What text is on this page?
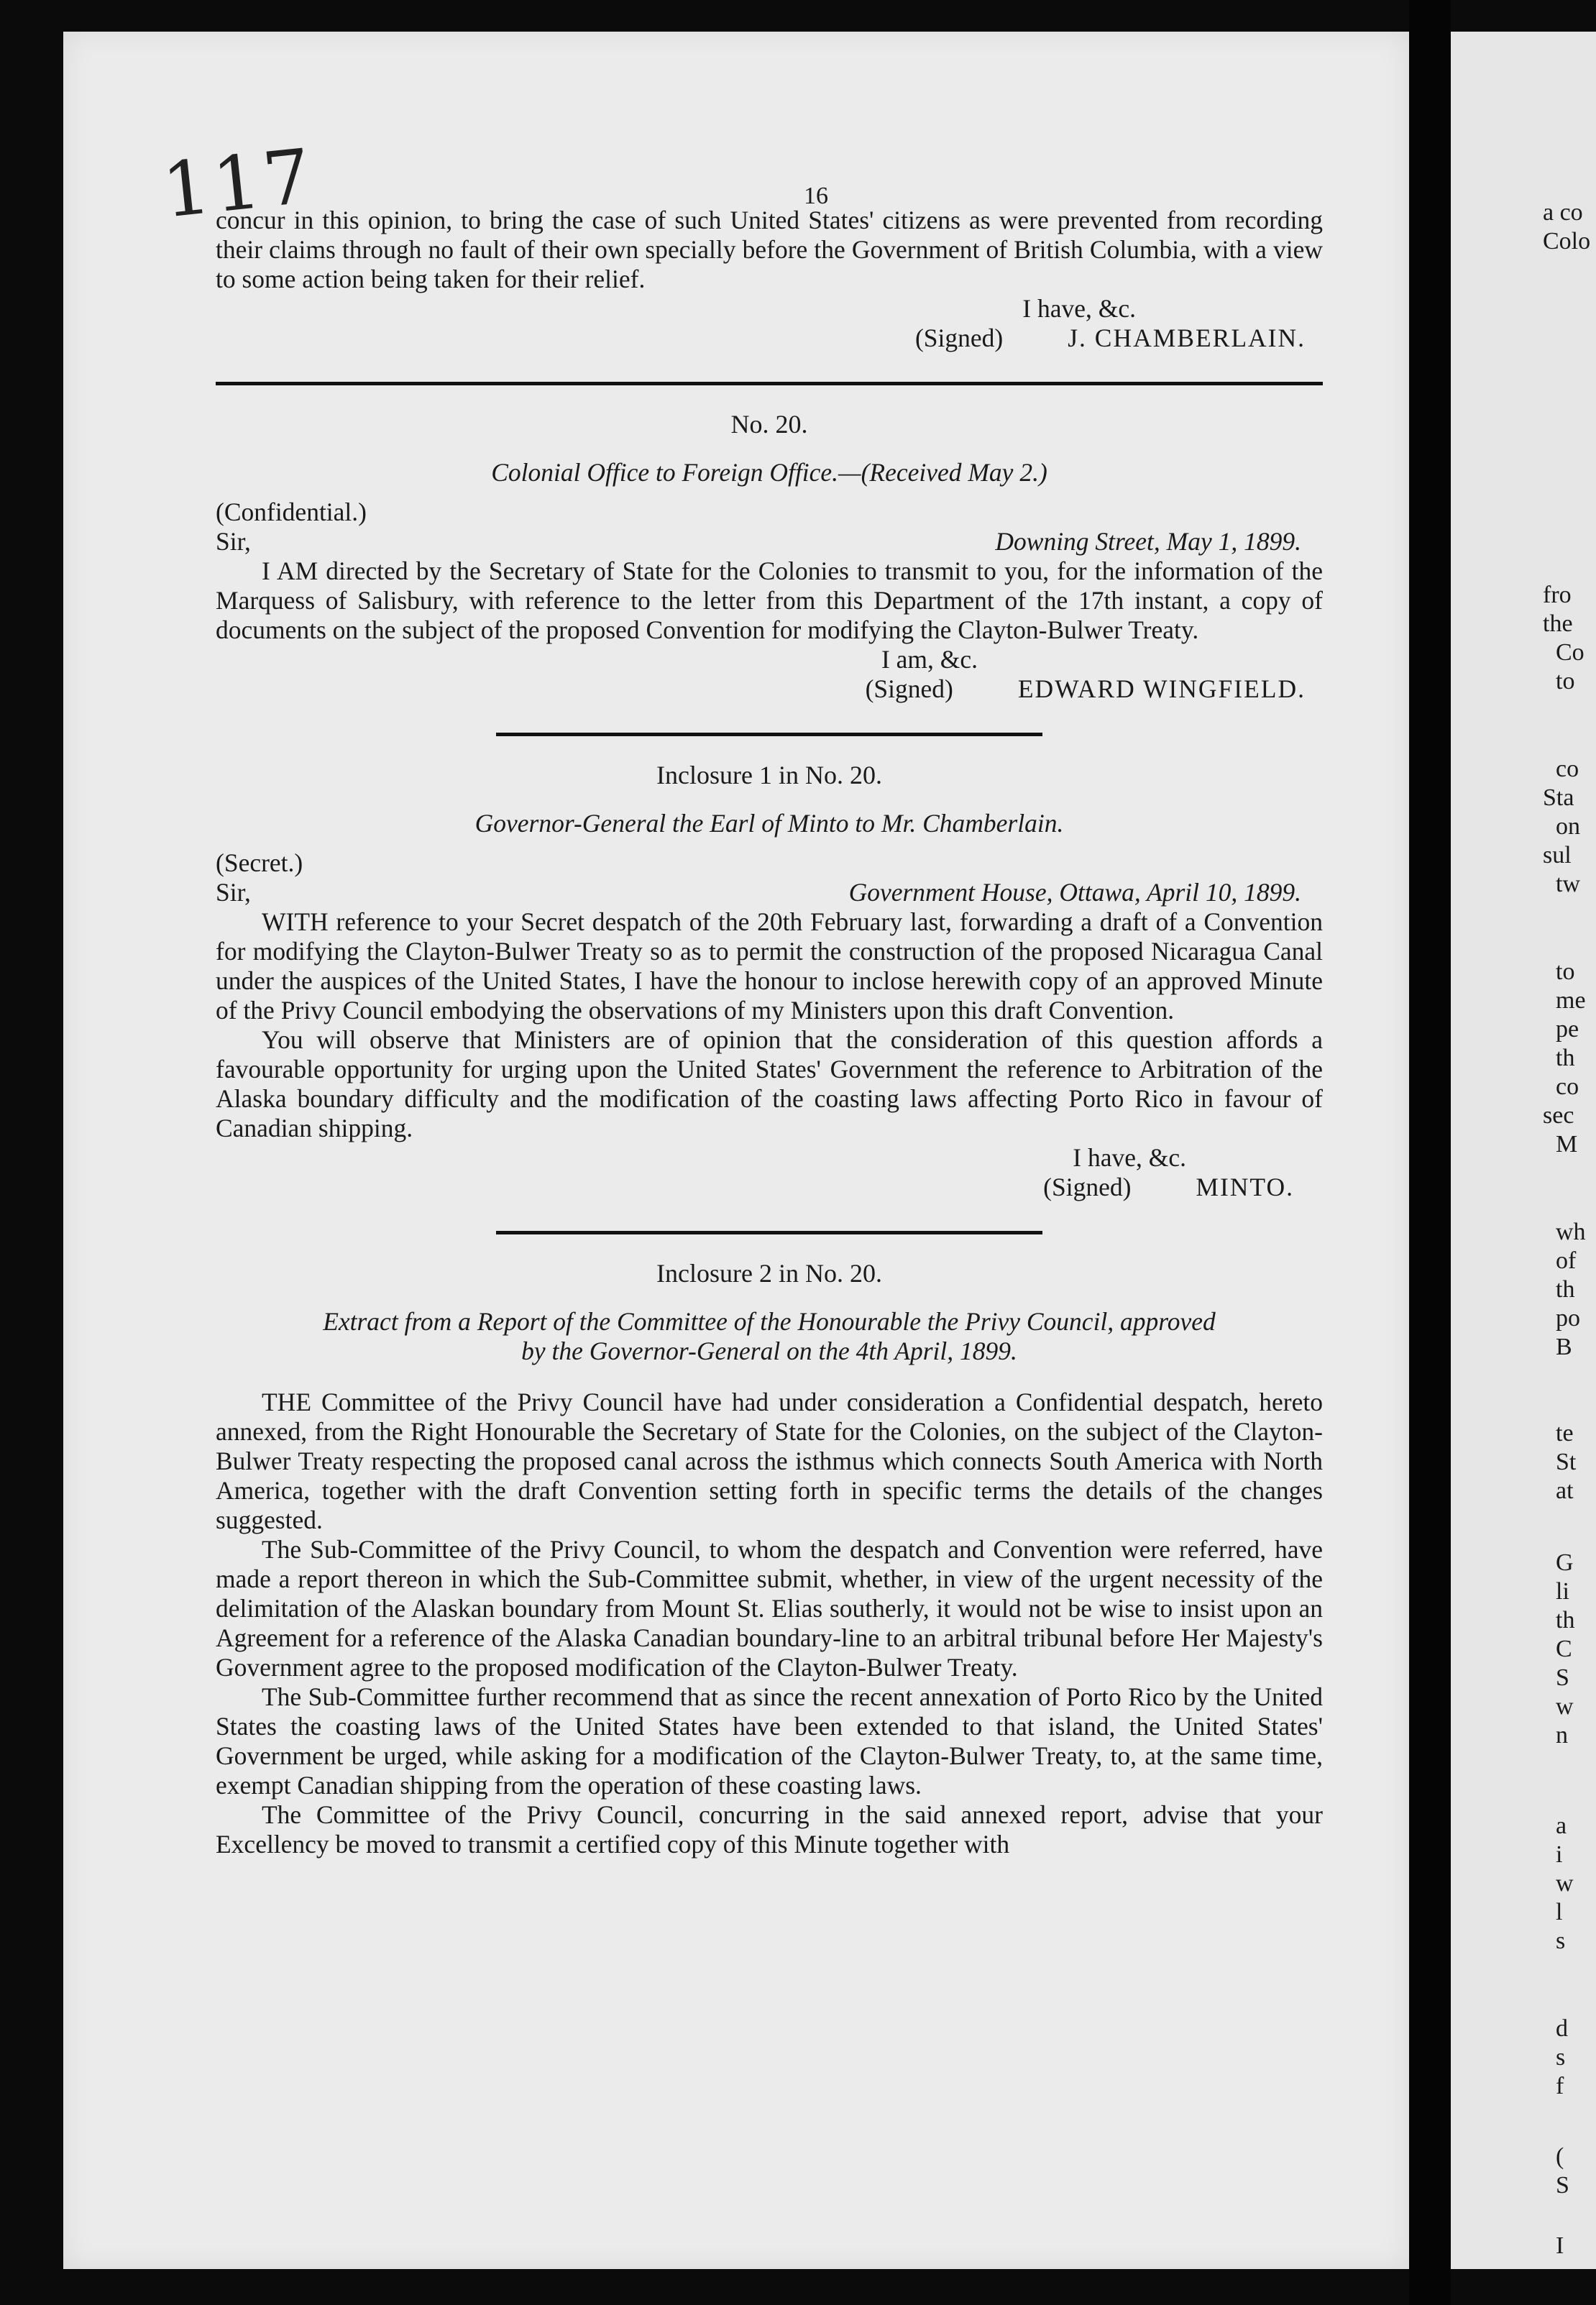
117	16

concur in this opinion, to bring the case of such United States' citizens as were prevented from recording their claims through no fault of their own specially before the Government of British Columbia, with a view to some action being taken for their relief.

I have, &c.

(Signed)	J. CHAMBERLAIN.
No. 20.
Colonial Office to Foreign Office.—(Received May 2.)
(Confidential.)
Sir,	Downing Street, May 1, 1899.

I AM directed by the Secretary of State for the Colonies to transmit to you, for the information of the Marquess of Salisbury, with reference to the letter from this Department of the 17th instant, a copy of documents on the subject of the proposed Convention for modifying the Clayton-Bulwer Treaty.

I am, &c.

(Signed)	EDWARD WINGFIELD.
Inclosure 1 in No. 20.
Governor-General the Earl of Minto to Mr. Chamberlain.
(Secret.)
Sir,	Government House, Ottawa, April 10, 1899.

WITH reference to your Secret despatch of the 20th February last, forwarding a draft of a Convention for modifying the Clayton-Bulwer Treaty so as to permit the construction of the proposed Nicaragua Canal under the auspices of the United States, I have the honour to inclose herewith copy of an approved Minute of the Privy Council embodying the observations of my Ministers upon this draft Convention.

You will observe that Ministers are of opinion that the consideration of this question affords a favourable opportunity for urging upon the United States' Government the reference to Arbitration of the Alaska boundary difficulty and the modification of the coasting laws affecting Porto Rico in favour of Canadian shipping.

I have, &c.

(Signed)	MINTO.
Inclosure 2 in No. 20.
Extract from a Report of the Committee of the Honourable the Privy Council, approved
by the Governor-General on the 4th April, 1899.

THE Committee of the Privy Council have had under consideration a Confidential despatch, hereto annexed, from the Right Honourable the Secretary of State for the Colonies, on the subject of the Clayton-Bulwer Treaty respecting the proposed canal across the isthmus which connects South America with North America, together with the draft Convention setting forth in specific terms the details of the changes suggested.

The Sub-Committee of the Privy Council, to whom the despatch and Convention were referred, have made a report thereon in which the Sub-Committee submit, whether, in view of the urgent necessity of the delimitation of the Alaskan boundary from Mount St. Elias southerly, it would not be wise to insist upon an Agreement for a reference of the Alaska Canadian boundary-line to an arbitral tribunal before Her Majesty's Government agree to the proposed modification of the Clayton-Bulwer Treaty.

The Sub-Committee further recommend that as since the recent annexation of Porto Rico by the United States the coasting laws of the United States have been extended to that island, the United States' Government be urged, while asking for a modification of the Clayton-Bulwer Treaty, to, at the same time, exempt Canadian shipping from the operation of these coasting laws.

The Committee of the Privy Council, concurring in the said annexed report, advise that your Excellency be moved to transmit a certified copy of this Minute together with

a co
Colo
fro
the
Co
to
co
Sta
on
sul
tw
to
me
pe
th
co
sec
M
wh
of
th
po
B
te
St
at
G
li
th
C
S
w
n
a
i
w
l
s
d
s
f
(
S
I
